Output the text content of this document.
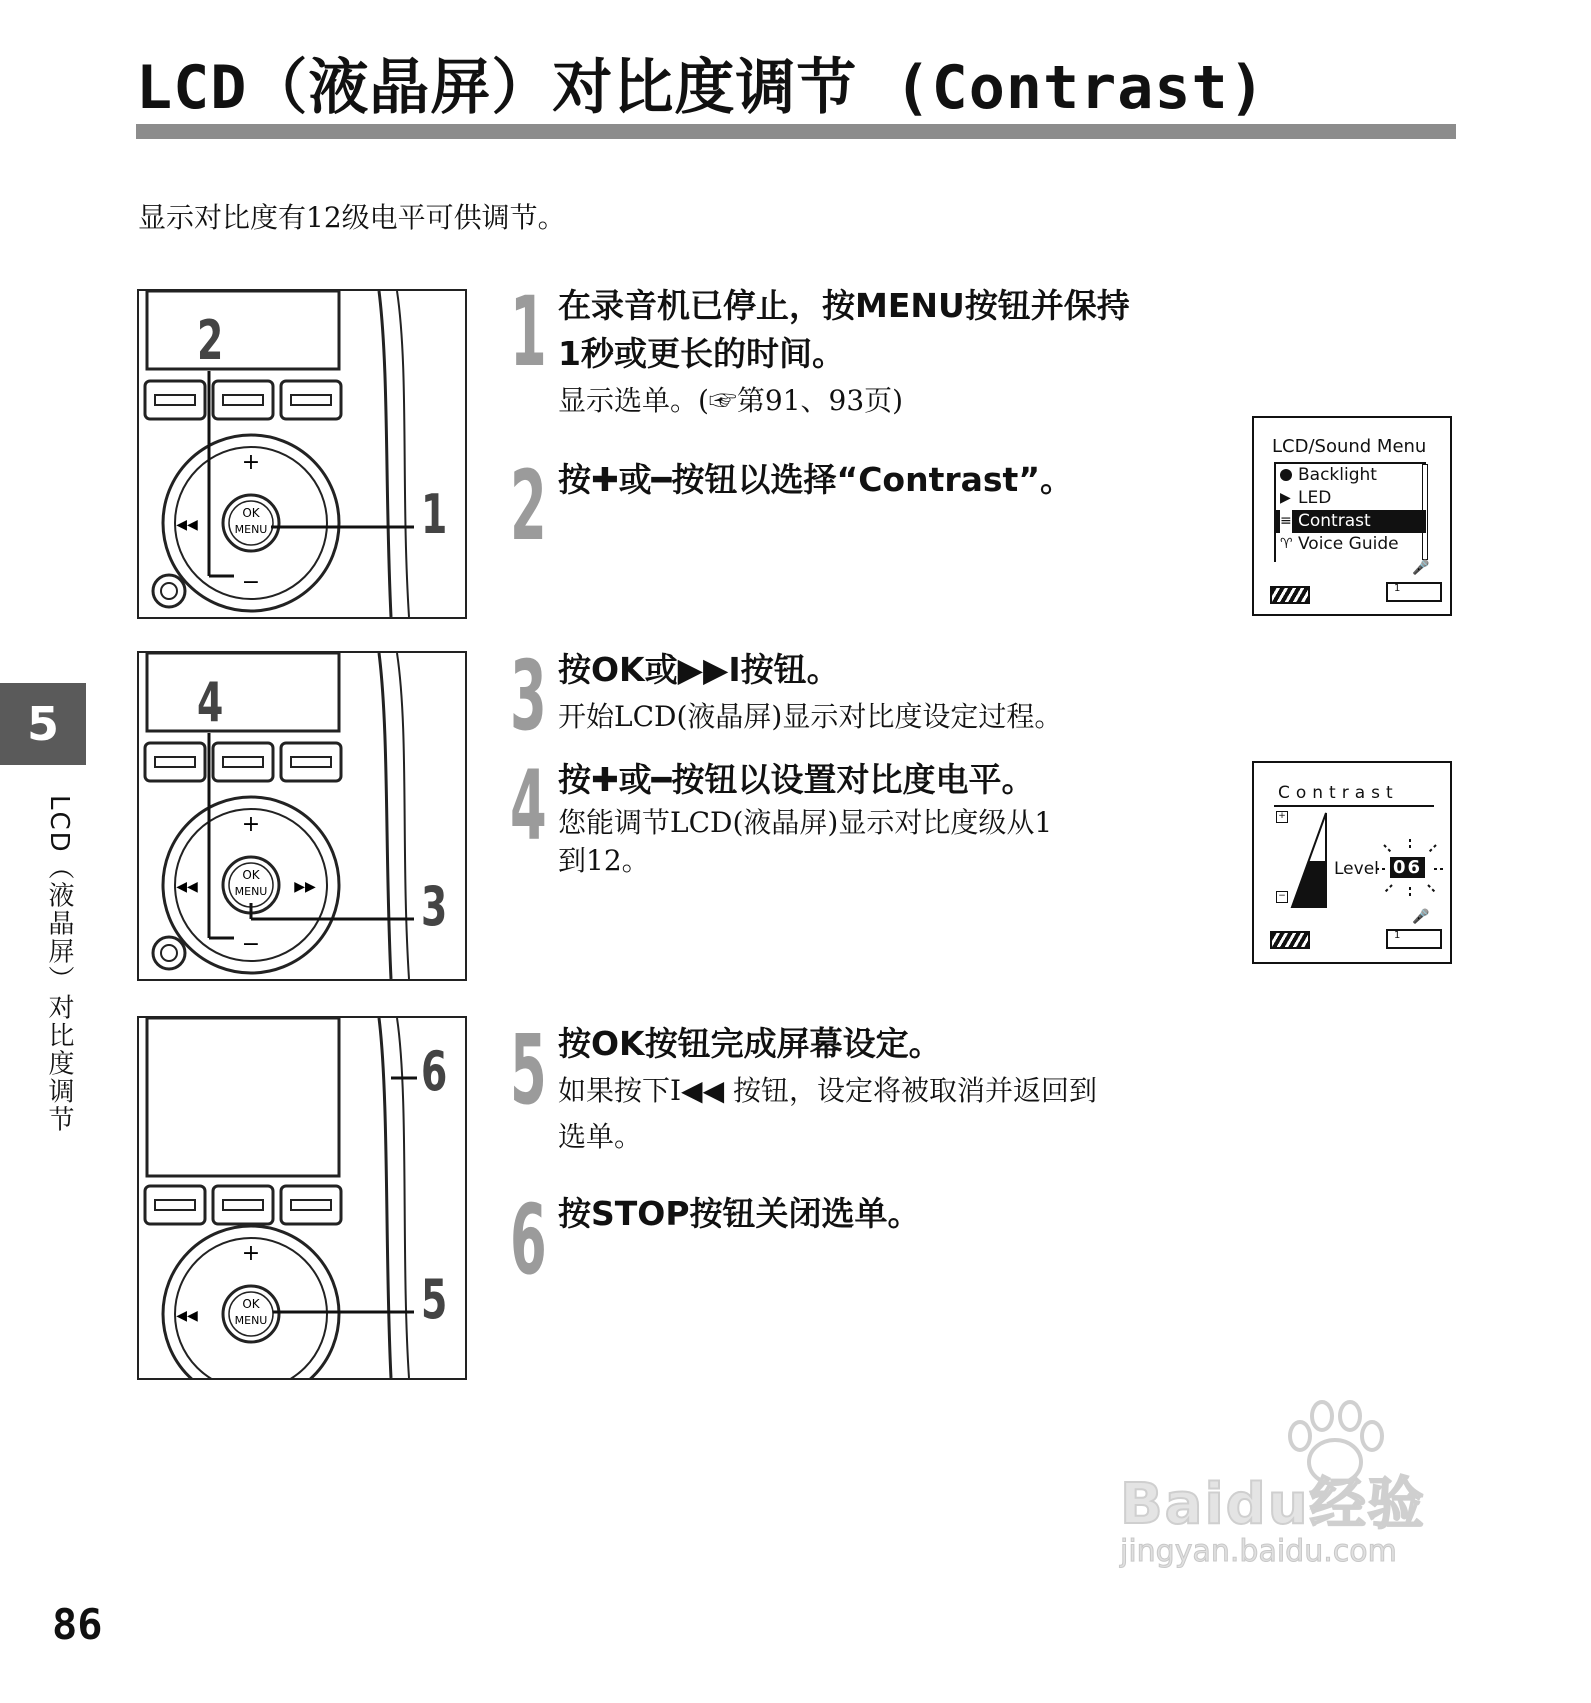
LCD（液晶屏）对比度调节 (Contrast)
显示对比度有12级电平可供调节。
OK
MENU
+
−
◀◀
2
1
OK
MENU
+
−
◀◀	▶▶
4
3
OK
MENU
+
◀◀
6
5
1 在录音机已停止，按MENU按钮并保持
1秒或更长的时间。
显示选单。(☞第91、93页)
2 按✚或━按钮以选择“Contrast”。
3 按OK或▶▶I按钮。
开始LCD(液晶屏)显示对比度设定过程。
4 按✚或━按钮以设置对比度电平。
您能调节LCD(液晶屏)显示对比度级从1
到12。
5 按OK按钮完成屏幕设定。
如果按下I◀◀ 按钮，设定将被取消并返回到
选单。
6 按STOP按钮关闭选单。
LCD/Sound Menu
Backlight
▶ LED
≡ Contrast
♈ Voice Guide
🎤
1
Contrast
+
−
Level 06
🎤
1
5
LCD（液晶屏）对比度调节
86
Baidu经验
jingyan.baidu.com
